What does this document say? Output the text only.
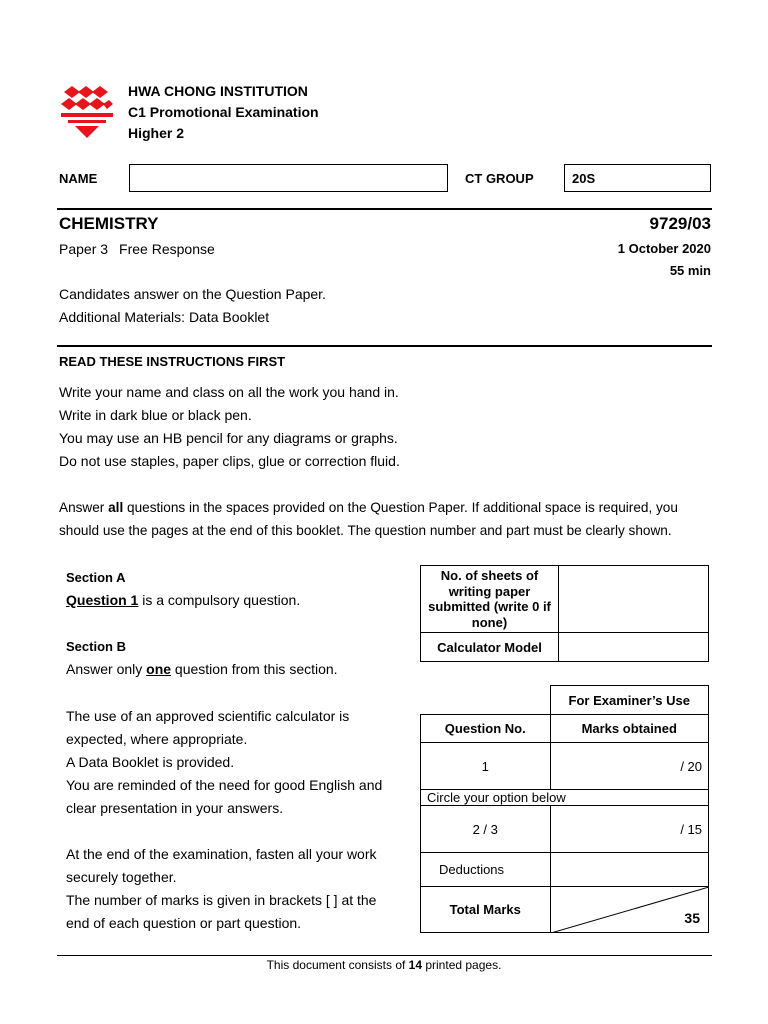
HWA CHONG INSTITUTION
C1 Promotional Examination
Higher 2
NAME	CT GROUP	20S
CHEMISTRY	9729/03
Paper 3 Free Response	1 October 2020
55 min
Candidates answer on the Question Paper.
Additional Materials: Data Booklet
READ THESE INSTRUCTIONS FIRST
Write your name and class on all the work you hand in.
Write in dark blue or black pen.
You may use an HB pencil for any diagrams or graphs.
Do not use staples, paper clips, glue or correction fluid.
Answer all questions in the spaces provided on the Question Paper. If additional space is required, you
should use the pages at the end of this booklet. The question number and part must be clearly shown.
Section A
Question 1 is a compulsory question.
Section B
Answer only one question from this section.
The use of an approved scientific calculator is
expected, where appropriate.
A Data Booklet is provided.
You are reminded of the need for good English and
clear presentation in your answers.
At the end of the examination, fasten all your work
securely together.
The number of marks is given in brackets [ ] at the
end of each question or part question.
No. of sheets of writing paper submitted (write 0 if none)	
Calculator Model	
	For Examiner’s Use
Question No.	Marks obtained
1	/ 20
Circle your option below	
2 / 3	/ 15
Deductions	
Total Marks	35
This document consists of 14 printed pages.
